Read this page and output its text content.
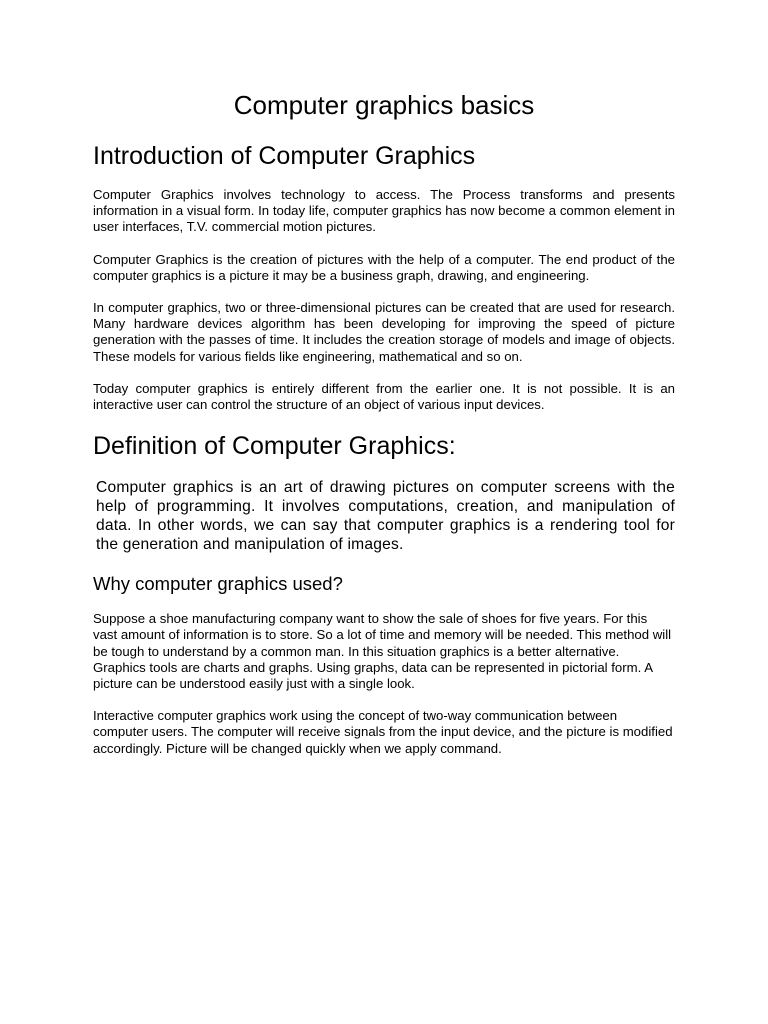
Computer graphics basics
Introduction of Computer Graphics

Computer Graphics involves technology to access. The Process transforms and presents information in a visual form. In today life, computer graphics has now become a common element in user interfaces, T.V. commercial motion pictures.

Computer Graphics is the creation of pictures with the help of a computer. The end product of the computer graphics is a picture it may be a business graph, drawing, and engineering.

In computer graphics, two or three-dimensional pictures can be created that are used for research. Many hardware devices algorithm has been developing for improving the speed of picture generation with the passes of time. It includes the creation storage of models and image of objects. These models for various fields like engineering, mathematical and so on.

Today computer graphics is entirely different from the earlier one. It is not possible. It is an interactive user can control the structure of an object of various input devices.

Definition of Computer Graphics:

Computer graphics is an art of drawing pictures on computer screens with the help of programming. It involves computations, creation, and manipulation of data. In other words, we can say that computer graphics is a rendering tool for the generation and manipulation of images.

Why computer graphics used?

Suppose a shoe manufacturing company want to show the sale of shoes for five years. For this vast amount of information is to store. So a lot of time and memory will be needed. This method will be tough to understand by a common man. In this situation graphics is a better alternative. Graphics tools are charts and graphs. Using graphs, data can be represented in pictorial form. A picture can be understood easily just with a single look.

Interactive computer graphics work using the concept of two-way communication between computer users. The computer will receive signals from the input device, and the picture is modified accordingly. Picture will be changed quickly when we apply command.
